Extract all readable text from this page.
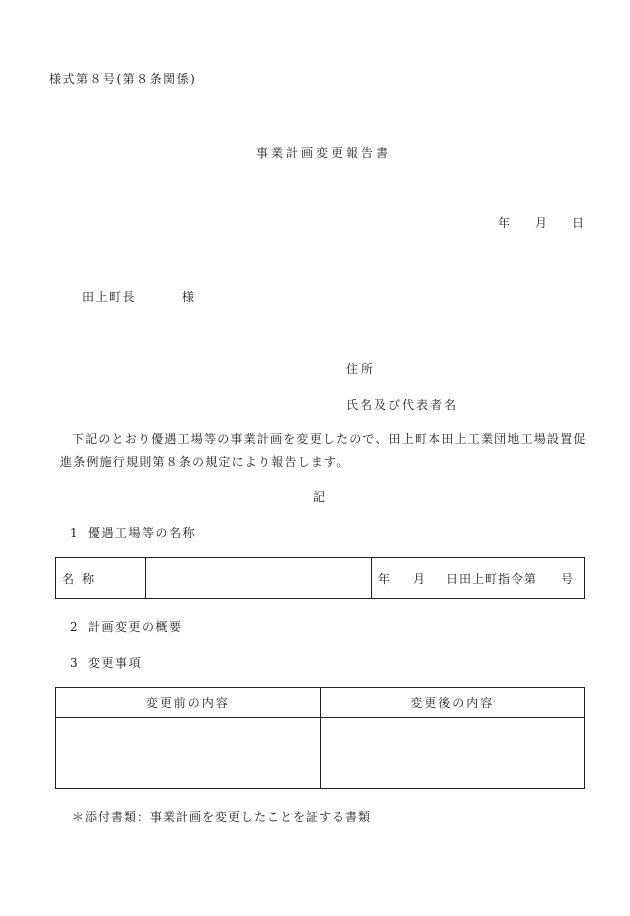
様式第８号(第８条関係)
事業計画変更報告書
年 月 日
田上町長	様
住所
氏名及び代表者名
下記のとおり優遇工場等の事業計画を変更したので、田上町本田上工業団地工場設置促進条例施行規則第８条の規定により報告します。
記
1 優遇工場等の名称
名称		年 月 日田上町指令第 号
2 計画変更の概要
3 変更事項
変更前の内容	変更後の内容

＊添付書類：事業計画を変更したことを証する書類
